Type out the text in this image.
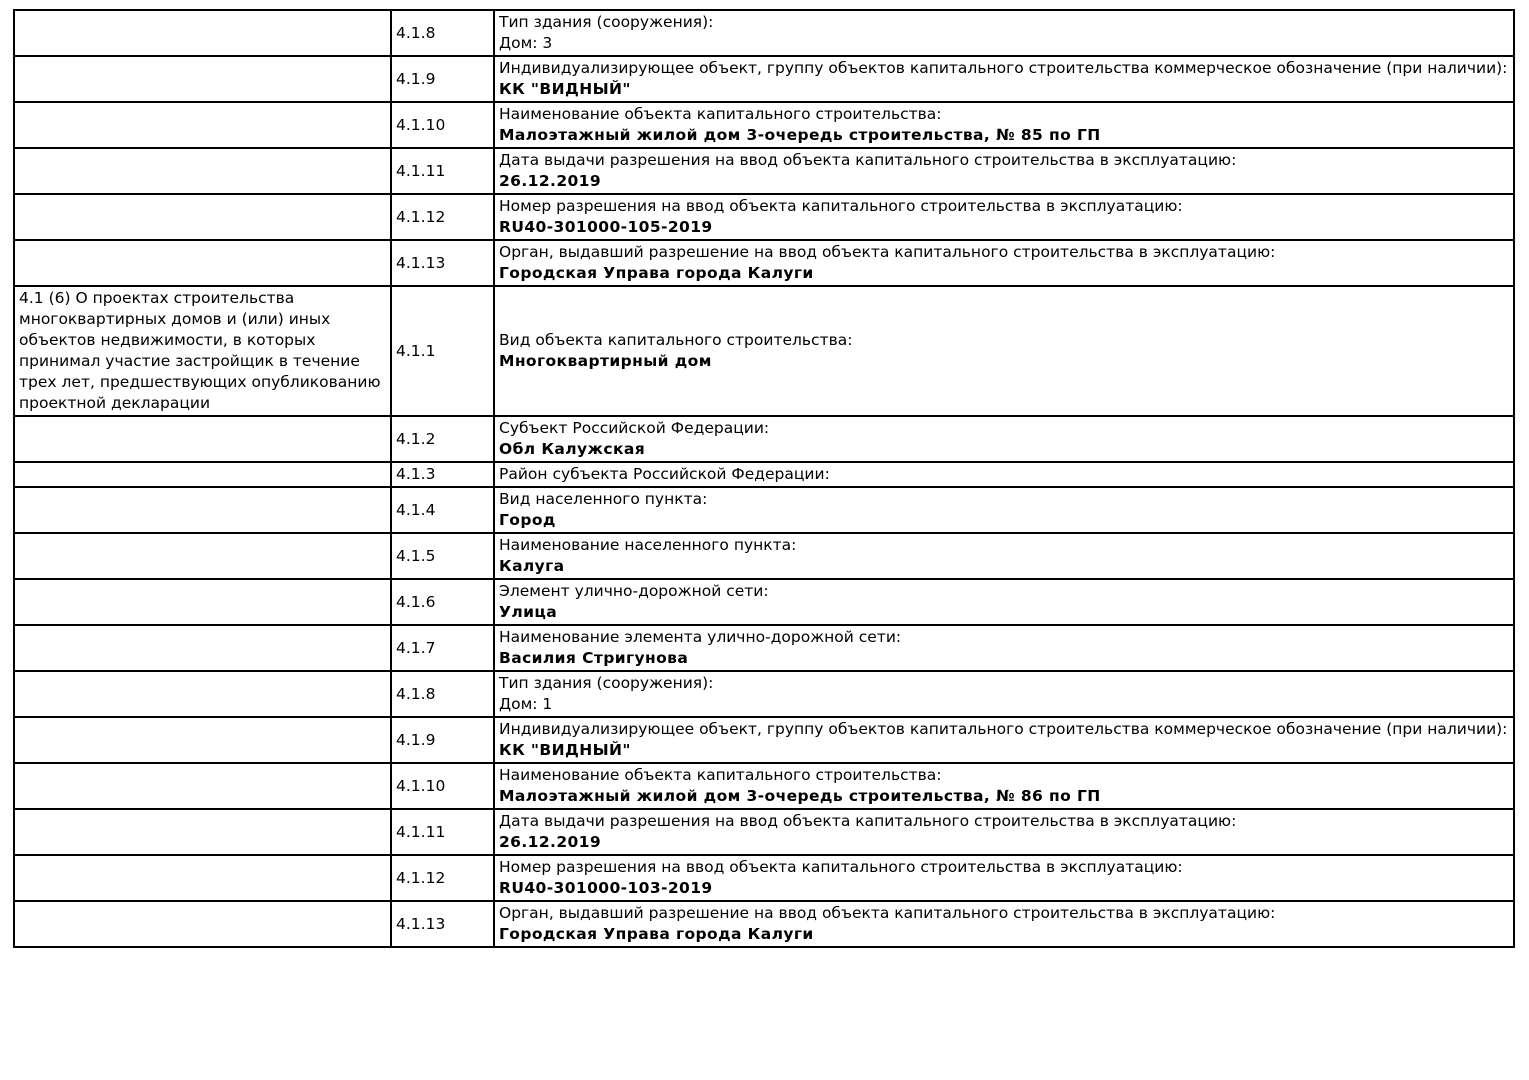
	4.1.8	Тип здания (сооружения):
Дом: 3

	4.1.9	Индивидуализирующее объект, группу объектов капитального строительства коммерческое обозначение (при наличии):
КК "ВИДНЫЙ"

	4.1.10	Наименование объекта капитального строительства:
Малоэтажный жилой дом 3-очередь строительства, № 85 по ГП

	4.1.11	Дата выдачи разрешения на ввод объекта капитального строительства в эксплуатацию:
26.12.2019

	4.1.12	Номер разрешения на ввод объекта капитального строительства в эксплуатацию:
RU40-301000-105-2019

	4.1.13	Орган, выдавший разрешение на ввод объекта капитального строительства в эксплуатацию:
Городская Управа города Калуги

4.1 (6) О проектах строительства многоквартирных домов и (или) иных объектов недвижимости, в которых принимал участие застройщик в течение трех лет, предшествующих опубликованию проектной декларации	4.1.1	Вид объекта капитального строительства:
Многоквартирный дом

	4.1.2	Субъект Российской Федерации:
Обл Калужская

	4.1.3	Район субъекта Российской Федерации:

	4.1.4	Вид населенного пункта:
Город

	4.1.5	Наименование населенного пункта:
Калуга

	4.1.6	Элемент улично-дорожной сети:
Улица

	4.1.7	Наименование элемента улично-дорожной сети:
Василия Стригунова

	4.1.8	Тип здания (сооружения):
Дом: 1

	4.1.9	Индивидуализирующее объект, группу объектов капитального строительства коммерческое обозначение (при наличии):
КК "ВИДНЫЙ"

	4.1.10	Наименование объекта капитального строительства:
Малоэтажный жилой дом 3-очередь строительства, № 86 по ГП

	4.1.11	Дата выдачи разрешения на ввод объекта капитального строительства в эксплуатацию:
26.12.2019

	4.1.12	Номер разрешения на ввод объекта капитального строительства в эксплуатацию:
RU40-301000-103-2019

	4.1.13	Орган, выдавший разрешение на ввод объекта капитального строительства в эксплуатацию:
Городская Управа города Калуги
